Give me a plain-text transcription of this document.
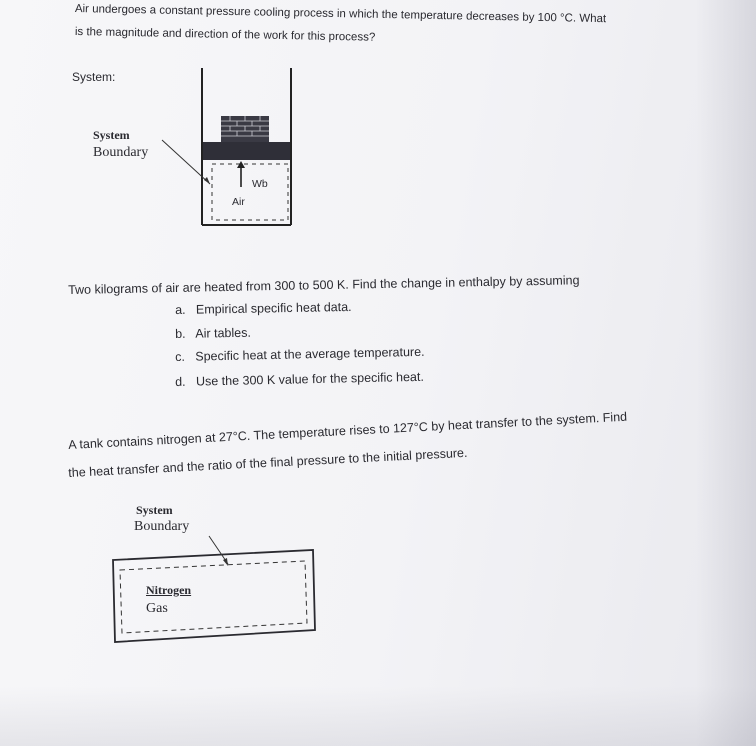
Air undergoes a constant pressure cooling process in which the temperature decreases by 100 °C. What
is the magnitude and direction of the work for this process?
System:
System
Boundary
Wb
Air
Two kilograms of air are heated from 300 to 500 K. Find the change in enthalpy by assuming
a. Empirical specific heat data.
b. Air tables.
c. Specific heat at the average temperature.
d. Use the 300 K value for the specific heat.
A tank contains nitrogen at 27°C. The temperature rises to 127°C by heat transfer to the system. Find
the heat transfer and the ratio of the final pressure to the initial pressure.
System
Boundary
Nitrogen
Gas
